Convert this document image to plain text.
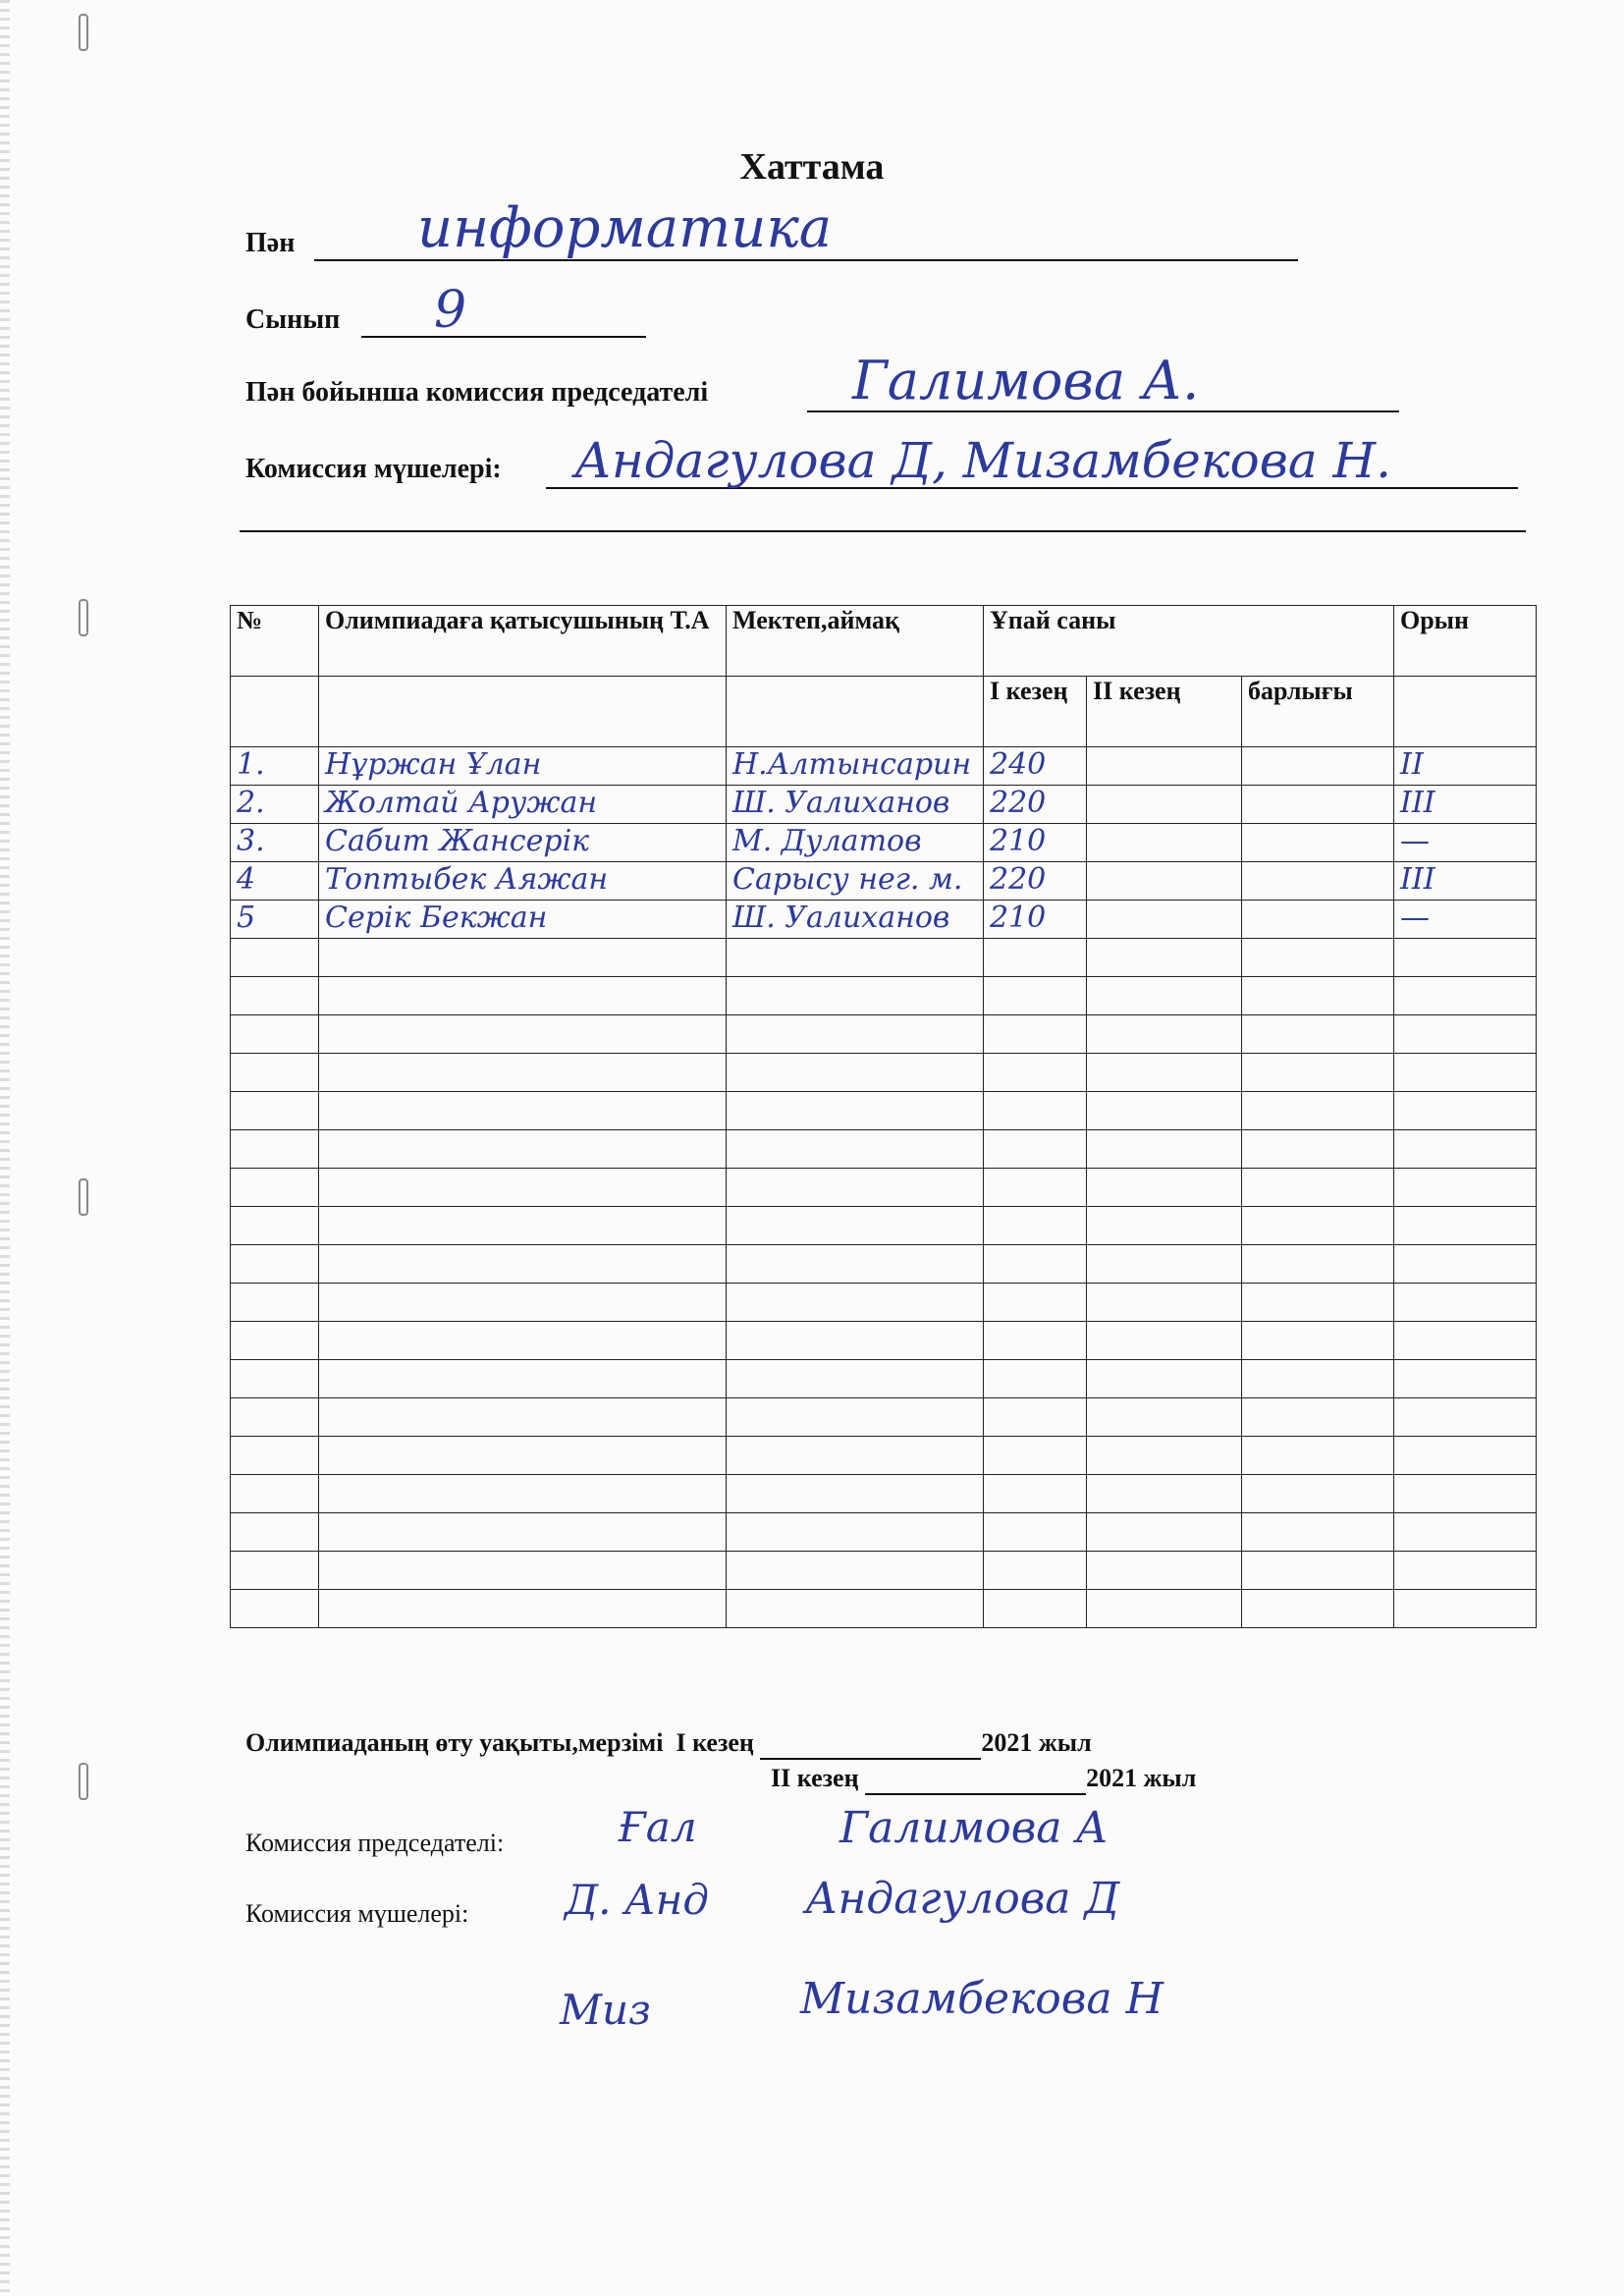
Хаттама
Пән информатика
Сынып 9
Пән бойынша комиссия председателі	Галимова А.
Комиссия мүшелері: Андагулова Д, Мизамбекова Н.
№	Олимпиадаға қатысушының Т.А	Мектеп,аймақ	Ұпай саны			Орын
			I кезең	II кезең	барлығы	
1.	Нұржан Ұлан	Н.Алтынсарин	240			II
2.	Жолтай Аружан	Ш. Уалиханов	220			III
3.	Сабит Жансерік	М. Дулатов	210			—
4	Топтыбек Аяжан	Сарысу нег. м.	220			III
5	Серік Бекжан	Ш. Уалиханов	210			—

Олимпиаданың өту уақыты,мерзімі I кезең	2021 жыл
II кезең	2021 жыл
Комиссия председателі:	Ғал	Галимова А
Комиссия мүшелері: Д. Анд Андагулова Д
Миз	Мизамбекова Н
